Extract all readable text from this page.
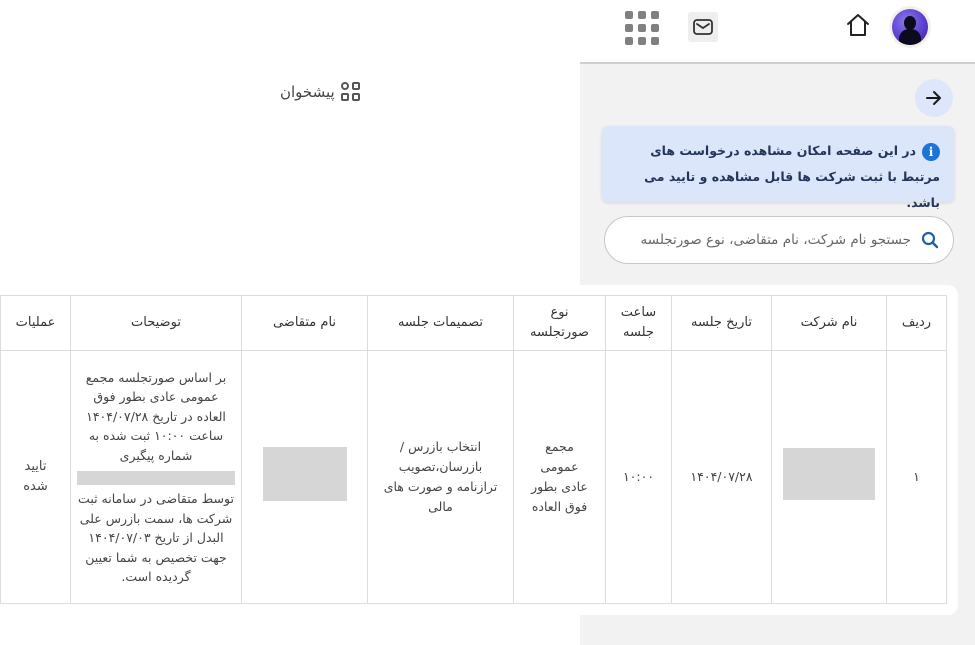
پیشخوان
iدر این صفحه امکان مشاهده درخواست های مرتبط با ثبت شرکت ها قابل مشاهده و تایید می باشد.
جستجو نام شرکت، نام متقاضی، نوع صورتجلسه
ردیف	نام شرکت	تاریخ جلسه	ساعت جلسه	نوع صورتجلسه	تصمیمات جلسه	نام متقاضی	توضیحات	عملیات
۱		۱۴۰۴/۰۷/۲۸	۱۰:۰۰	مجمع عمومی عادی بطور فوق العاده	انتخاب بازرس / بازرسان،تصویب ترازنامه و صورت های مالی		بر اساس صورتجلسه مجمع عمومی عادی بطور فوق العاده در تاریخ ۱۴۰۴/۰۷/۲۸ ساعت ۱۰:۰۰ ثبت شده به شماره پیگیری
توسط متقاضی در سامانه ثبت شرکت ها، سمت بازرس علی البدل از تاریخ ۱۴۰۴/۰۷/۰۳ جهت تخصیص به شما تعیین گردیده است.	تایید شده
